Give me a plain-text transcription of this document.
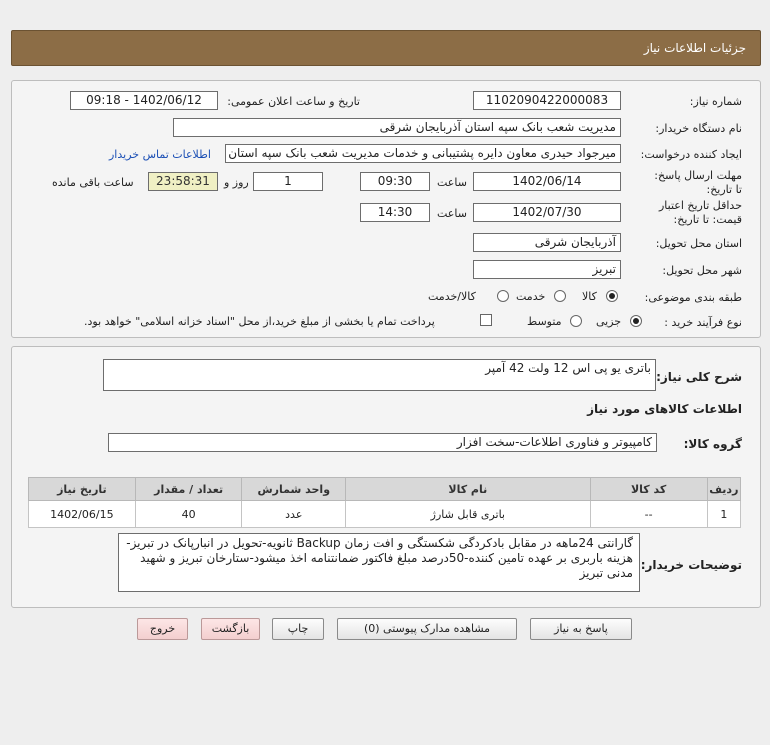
جزئیات اطلاعات نیاز
شماره نیاز:
1102090422000083
تاریخ و ساعت اعلان عمومی:
1402/06/12 - 09:18
نام دستگاه خریدار:
مدیریت شعب بانک سپه استان آذربایجان شرقی
ایجاد کننده درخواست:
میرجواد حیدری معاون دایره پشتیبانی و خدمات مدیریت شعب بانک سپه استان
اطلاعات تماس خریدار
مهلت ارسال پاسخ: تا تاریخ:
1402/06/14
ساعت
09:30
1
روز و
23:58:31
ساعت باقی مانده
حداقل تاریخ اعتبار قیمت: تا تاریخ:
1402/07/30
ساعت
14:30
استان محل تحویل:
آذربایجان شرقی
شهر محل تحویل:
تبریز
طبقه بندی موضوعی:
کالا
خدمت
کالا/خدمت
نوع فرآیند خرید :
جزیی
متوسط
پرداخت تمام یا بخشی از مبلغ خرید،از محل "اسناد خزانه اسلامی" خواهد بود.
شرح کلی نیاز:
باتری یو پی اس 12 ولت 42 آمپر
اطلاعات کالاهای مورد نیاز
گروه کالا:
کامپیوتر و فناوری اطلاعات-سخت افزار
ردیف	کد کالا	نام کالا	واحد شمارش	تعداد / مقدار	تاریخ نیاز
1	--	باتری قابل شارژ	عدد	40	1402/06/15
توضیحات خریدار:
گارانتی 24ماهه در مقابل بادکردگی شکستگی و افت زمان Backup ثانویه-تحویل در انبارپانک در تبریز-هزینه باربری بر عهده تامین کننده-50درصد مبلغ فاکتور ضمانتنامه اخذ میشود-ستارخان تبریز و شهید مدنی تبریز
پاسخ به نیاز
مشاهده مدارک پیوستی (0)
چاپ
بازگشت
خروج
